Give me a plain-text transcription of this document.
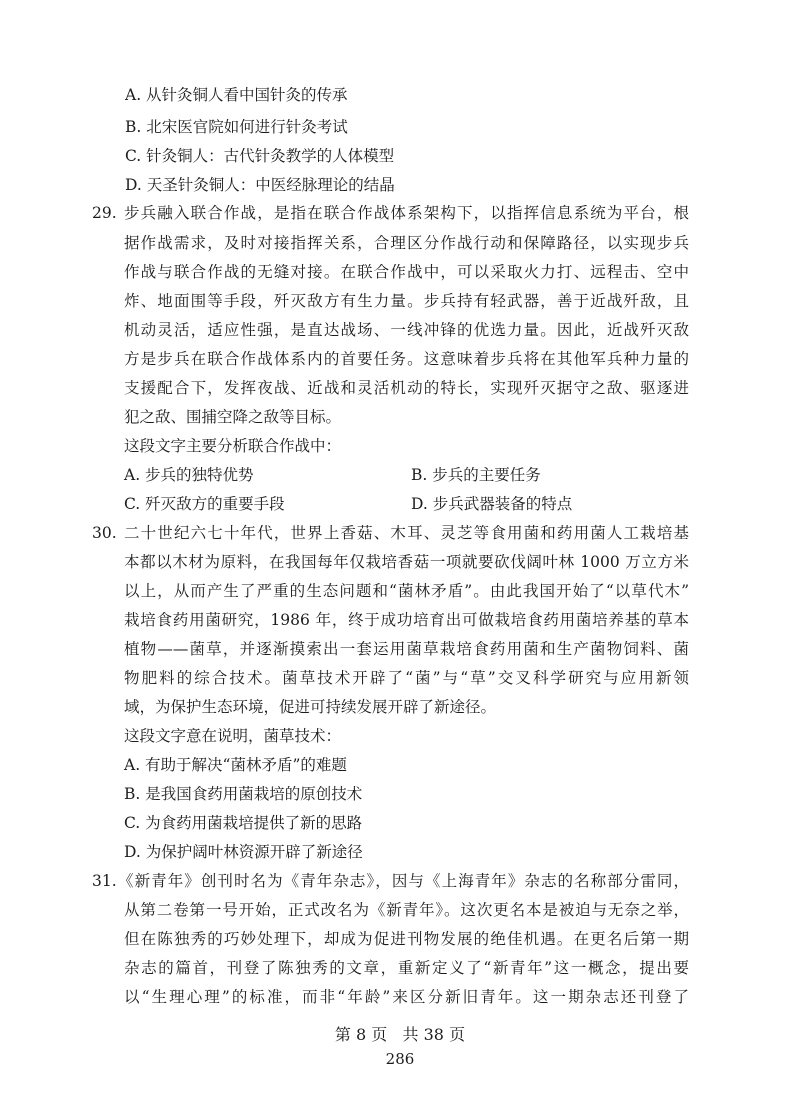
A. 从针灸铜人看中国针灸的传承
B. 北宋医官院如何进行针灸考试
C. 针灸铜人：古代针灸教学的人体模型
D. 天圣针灸铜人：中医经脉理论的结晶
29. 步兵融入联合作战，是指在联合作战体系架构下，以指挥信息系统为平台，根
据作战需求，及时对接指挥关系，合理区分作战行动和保障路径，以实现步兵
作战与联合作战的无缝对接。在联合作战中，可以采取火力打、远程击、空中
炸、地面围等手段，歼灭敌方有生力量。步兵持有轻武器，善于近战歼敌，且
机动灵活，适应性强，是直达战场、一线冲锋的优选力量。因此，近战歼灭敌
方是步兵在联合作战体系内的首要任务。这意味着步兵将在其他军兵种力量的
支援配合下，发挥夜战、近战和灵活机动的特长，实现歼灭据守之敌、驱逐进
犯之敌、围捕空降之敌等目标。
这段文字主要分析联合作战中：
A. 步兵的独特优势	B. 步兵的主要任务
C. 歼灭敌方的重要手段	D. 步兵武器装备的特点
30. 二十世纪六七十年代，世界上香菇、木耳、灵芝等食用菌和药用菌人工栽培基
本都以木材为原料，在我国每年仅栽培香菇一项就要砍伐阔叶林 1000 万立方米
以上，从而产生了严重的生态问题和“菌林矛盾”。由此我国开始了“以草代木”
栽培食药用菌研究，1986 年，终于成功培育出可做栽培食药用菌培养基的草本
植物——菌草，并逐渐摸索出一套运用菌草栽培食药用菌和生产菌物饲料、菌
物肥料的综合技术。菌草技术开辟了“菌”与“草”交叉科学研究与应用新领
域，为保护生态环境，促进可持续发展开辟了新途径。
这段文字意在说明，菌草技术：
A. 有助于解决“菌林矛盾”的难题
B. 是我国食药用菌栽培的原创技术
C. 为食药用菌栽培提供了新的思路
D. 为保护阔叶林资源开辟了新途径
31. 《新青年》创刊时名为《青年杂志》，因与《上海青年》杂志的名称部分雷同，
从第二卷第一号开始，正式改名为《新青年》。这次更名本是被迫与无奈之举，
但在陈独秀的巧妙处理下，却成为促进刊物发展的绝佳机遇。在更名后第一期
杂志的篇首，刊登了陈独秀的文章，重新定义了“新青年”这一概念，提出要
以“生理心理”的标准，而非“年龄”来区分新旧青年。这一期杂志还刊登了
第 8 页   共 38 页
286
